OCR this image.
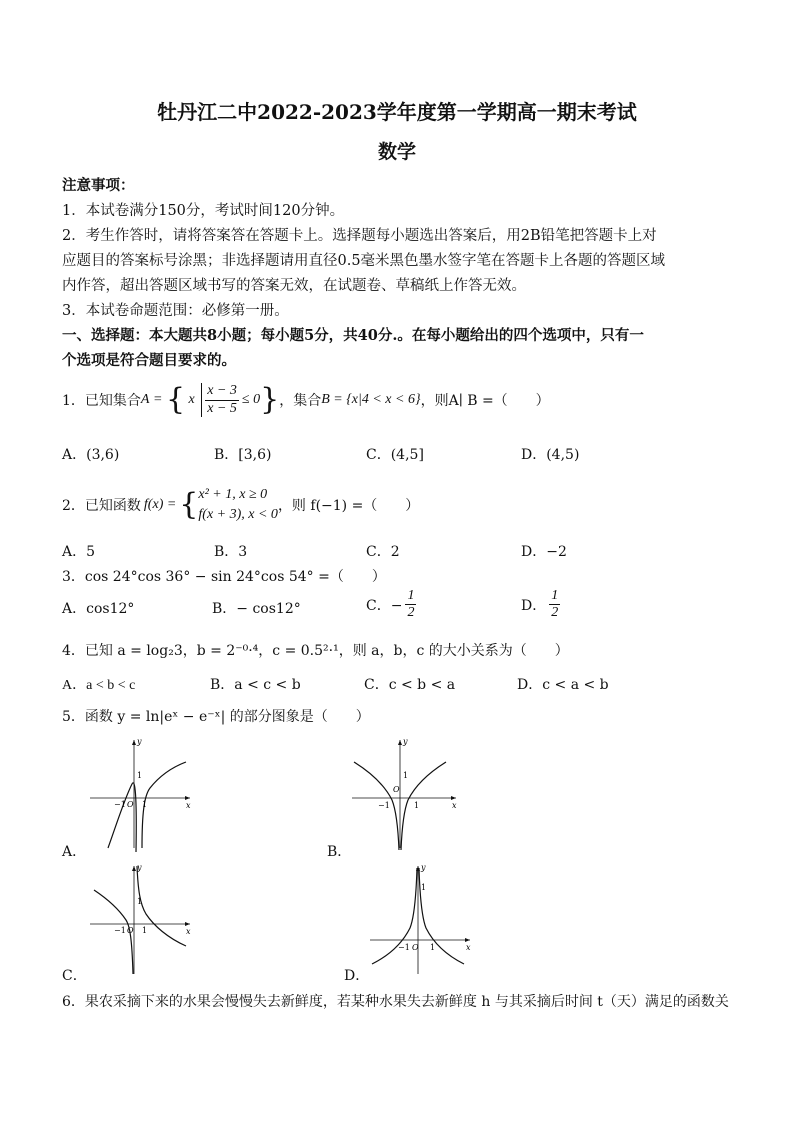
牡丹江二中2022-2023学年度第一学期高一期末考试
数学
注意事项：
1．本试卷满分150分，考试时间120分钟。
2．考生作答时，请将答案答在答题卡上。选择题每小题选出答案后，用2B铅笔把答题卡上对
应题目的答案标号涂黑；非选择题请用直径0.5毫米黑色墨水签字笔在答题卡上各题的答题区域
内作答，超出答题区域书写的答案无效，在试题卷、草稿纸上作答无效。
3．本试卷命题范围：必修第一册。
一、选择题：本大题共8小题；每小题5分，共40分.。在每小题给出的四个选项中，只有一
个选项是符合题目要求的。
1．已知集合 A = { x $\frac{x - 3}{x - 5} \le 0$ } ，集合 B = {x|4 < x < 6} ，则A∣ B =（　　）
A．(3,6)	B．[3,6)	C．(4,5]	D．(4,5)
2．已知函数 f(x) = { x² + 1, x ≥ 0
f(x + 3), x < 0
，则 f(−1) =（　　）
A．5	B．3	C．2	D．−2
3．cos 24°cos 36° − sin 24°cos 54° =（　　）
A．cos12°	B．− cos12°	C．− $\frac{1}{2}$	D． $\frac{1}{2}$
4．已知 a = log₂3，b = 2⁻⁰·⁴，c = 0.5²·¹，则 a，b，c 的大小关系为（　　）
A．a < b < c	B．a < c < b	C．c < b < a	D．c < a < b
5．函数 y = ln|eˣ − e⁻ˣ| 的部分图象是（　　）
x
y
O
−1 1
1
A．
x
y
O
−1	1
1
B．
x
y
O
−1 1
1
C．
x
y
O
−1	1
1
D．
6．果农采摘下来的水果会慢慢失去新鲜度，若某种水果失去新鲜度 h 与其采摘后时间 t（天）满足的函数关
